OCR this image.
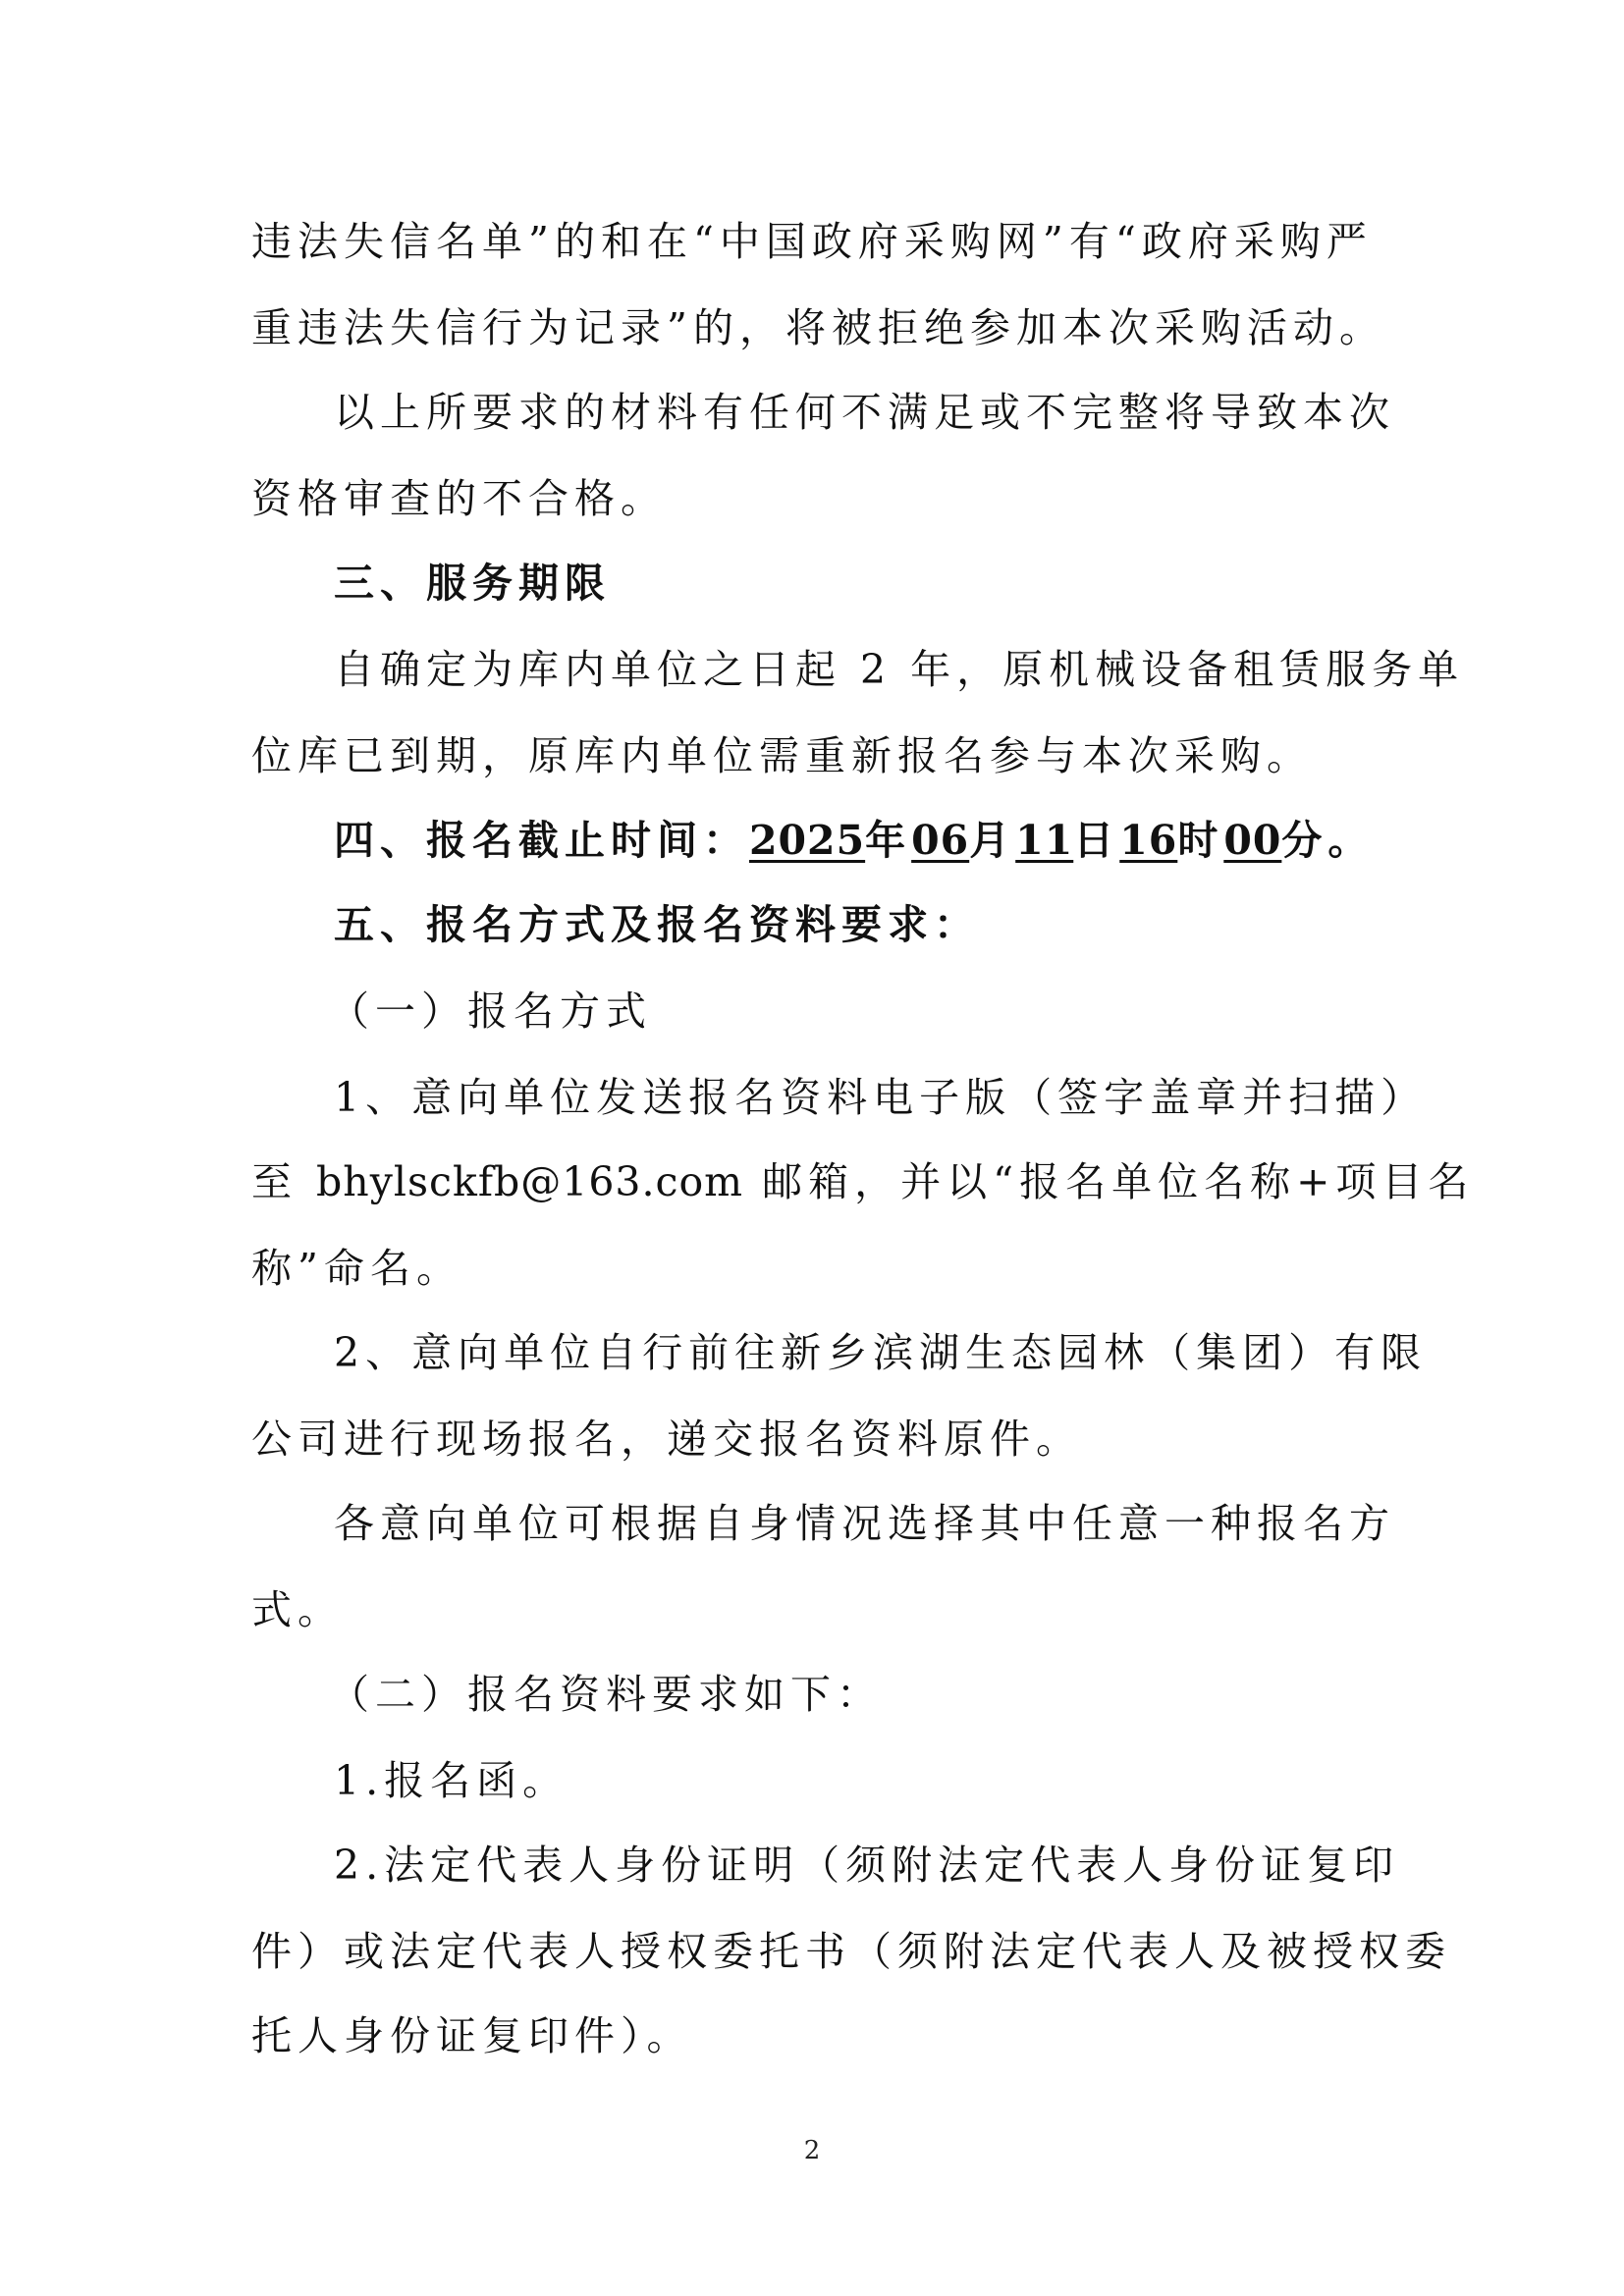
违法失信名单”的和在“中国政府采购网”有“政府采购严
重违法失信行为记录”的，将被拒绝参加本次采购活动。
以上所要求的材料有任何不满足或不完整将导致本次
资格审查的不合格。
三、服务期限
自确定为库内单位之日起 2 年，原机械设备租赁服务单
位库已到期，原库内单位需重新报名参与本次采购。
四、报名截止时间：2025年06月11日16时00分。
五、报名方式及报名资料要求：
（一）报名方式
1、意向单位发送报名资料电子版（签字盖章并扫描）
至 bhylsckfb@163.com 邮箱，并以“报名单位名称+项目名
称”命名。
2、意向单位自行前往新乡滨湖生态园林（集团）有限
公司进行现场报名，递交报名资料原件。
各意向单位可根据自身情况选择其中任意一种报名方
式。
（二）报名资料要求如下：
1.报名函。
2.法定代表人身份证明（须附法定代表人身份证复印
件）或法定代表人授权委托书（须附法定代表人及被授权委
托人身份证复印件）。
2
